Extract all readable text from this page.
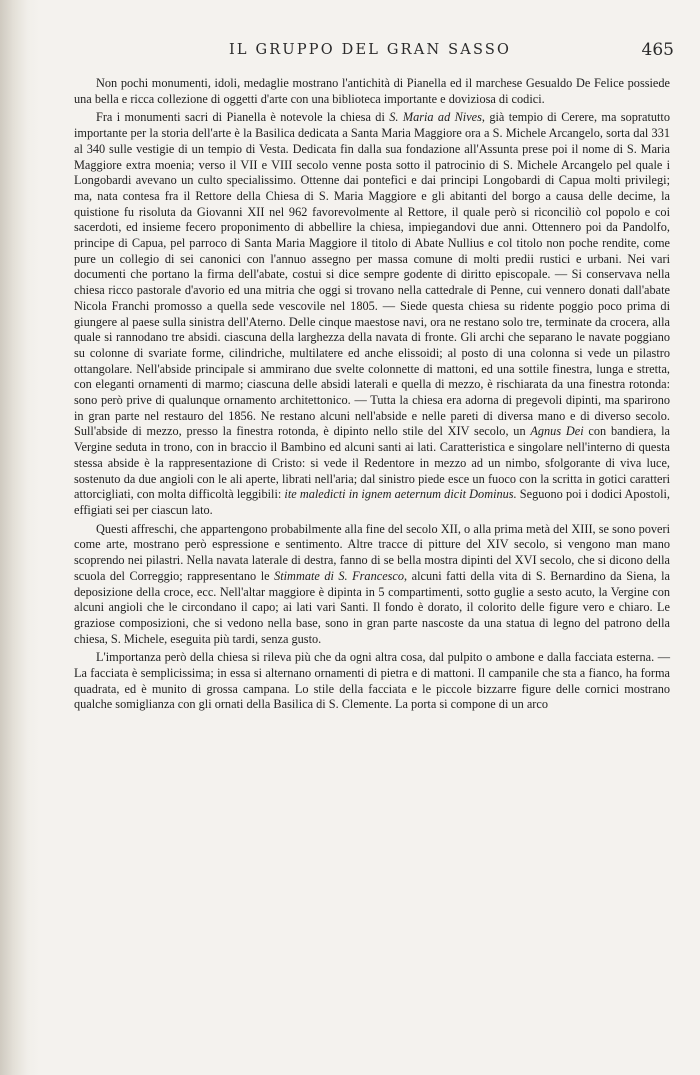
IL GRUPPO DEL GRAN SASSO	465

Non pochi monumenti, idoli, medaglie mostrano l'antichità di Pianella ed il marchese Gesualdo De Felice possiede una bella e ricca collezione di oggetti d'arte con una biblioteca importante e doviziosa di codici.

Fra i monumenti sacri di Pianella è notevole la chiesa di S. Maria ad Nives, già tempio di Cerere, ma sopratutto importante per la storia dell'arte è la Basilica dedicata a Santa Maria Maggiore ora a S. Michele Arcangelo, sorta dal 331 al 340 sulle vestigie di un tempio di Vesta. Dedicata fin dalla sua fondazione all'Assunta prese poi il nome di S. Maria Maggiore extra moenia; verso il VII e VIII secolo venne posta sotto il patrocinio di S. Michele Arcangelo pel quale i Longobardi avevano un culto specialissimo. Ottenne dai pontefici e dai principi Longobardi di Capua molti privilegi; ma, nata contesa fra il Rettore della Chiesa di S. Maria Maggiore e gli abitanti del borgo a causa delle decime, la quistione fu risoluta da Giovanni XII nel 962 favorevolmente al Rettore, il quale però si riconciliò col popolo e coi sacerdoti, ed insieme fecero proponimento di abbellire la chiesa, impiegandovi due anni. Ottennero poi da Pandolfo, principe di Capua, pel parroco di Santa Maria Maggiore il titolo di Abate Nullius e col titolo non poche rendite, come pure un collegio di sei canonici con l'annuo assegno per massa comune di molti predii rustici e urbani. Nei vari documenti che portano la firma dell'abate, costui si dice sempre godente di diritto episcopale. — Si conservava nella chiesa ricco pastorale d'avorio ed una mitria che oggi si trovano nella cattedrale di Penne, cui vennero donati dall'abate Nicola Franchi promosso a quella sede vescovile nel 1805. — Siede questa chiesa su ridente poggio poco prima di giungere al paese sulla sinistra dell'Aterno. Delle cinque maestose navi, ora ne restano solo tre, terminate da crocera, alla quale si rannodano tre absidi. ciascuna della larghezza della navata di fronte. Gli archi che separano le navate poggiano su colonne di svariate forme, cilindriche, multilatere ed anche elissoidi; al posto di una colonna si vede un pilastro ottangolare. Nell'abside principale si ammirano due svelte colonnette di mattoni, ed una sottile finestra, lunga e stretta, con eleganti ornamenti di marmo; ciascuna delle absidi laterali e quella di mezzo, è rischiarata da una finestra rotonda: sono però prive di qualunque ornamento architettonico. — Tutta la chiesa era adorna di pregevoli dipinti, ma sparirono in gran parte nel restauro del 1856. Ne restano alcuni nell'abside e nelle pareti di diversa mano e di diverso secolo. Sull'abside di mezzo, presso la finestra rotonda, è dipinto nello stile del XIV secolo, un Agnus Dei con bandiera, la Vergine seduta in trono, con in braccio il Bambino ed alcuni santi ai lati. Caratteristica e singolare nell'interno di questa stessa abside è la rappresentazione di Cristo: si vede il Redentore in mezzo ad un nimbo, sfolgorante di viva luce, sostenuto da due angioli con le ali aperte, librati nell'aria; dal sinistro piede esce un fuoco con la scritta in gotici caratteri attorcigliati, con molta difficoltà leggibili: ite maledicti in ignem aeternum dicit Dominus. Seguono poi i dodici Apostoli, effigiati sei per ciascun lato.

Questi affreschi, che appartengono probabilmente alla fine del secolo XII, o alla prima metà del XIII, se sono poveri come arte, mostrano però espressione e sentimento. Altre tracce di pitture del XIV secolo, si vengono man mano scoprendo nei pilastri. Nella navata laterale di destra, fanno di se bella mostra dipinti del XVI secolo, che si dicono della scuola del Correggio; rappresentano le Stimmate di S. Francesco, alcuni fatti della vita di S. Bernardino da Siena, la deposizione della croce, ecc. Nell'altar maggiore è dipinta in 5 compartimenti, sotto guglie a sesto acuto, la Vergine con alcuni angioli che le circondano il capo; ai lati vari Santi. Il fondo è dorato, il colorito delle figure vero e chiaro. Le graziose composizioni, che si vedono nella base, sono in gran parte nascoste da una statua di legno del patrono della chiesa, S. Michele, eseguita più tardi, senza gusto.

L'importanza però della chiesa si rileva più che da ogni altra cosa, dal pulpito o ambone e dalla facciata esterna. — La facciata è semplicissima; in essa si alternano ornamenti di pietra e di mattoni. Il campanile che sta a fianco, ha forma quadrata, ed è munito di grossa campana. Lo stile della facciata e le piccole bizzarre figure delle cornici mostrano qualche somiglianza con gli ornati della Basilica di S. Clemente. La porta si compone di un arco
